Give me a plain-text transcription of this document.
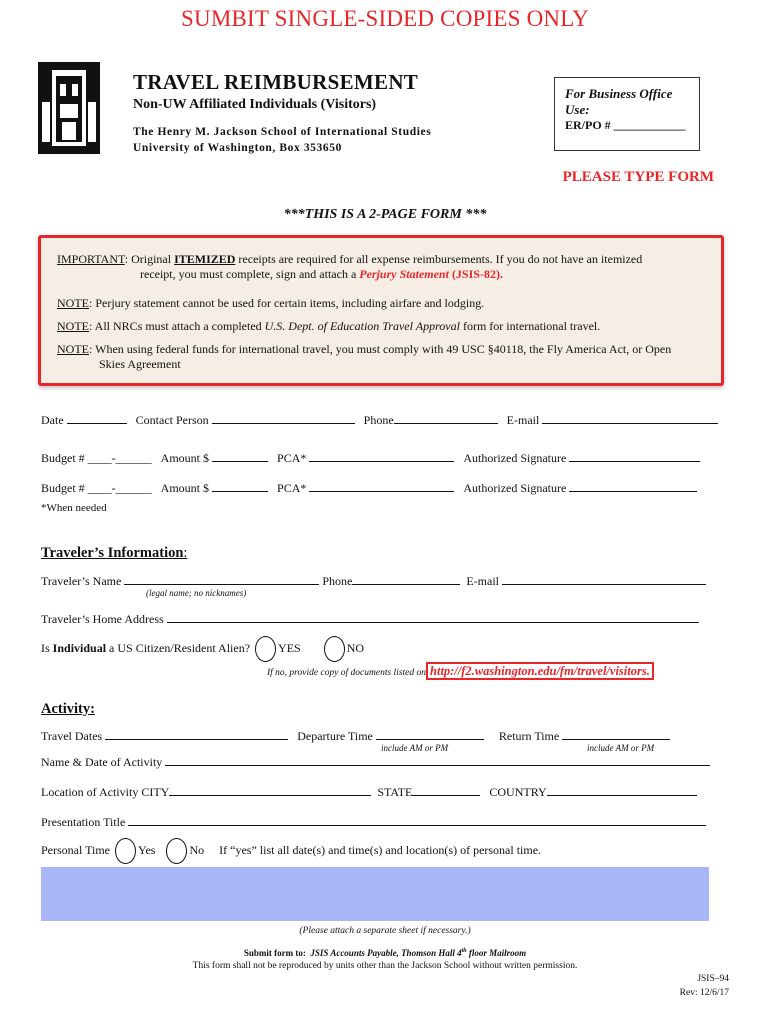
SUMBIT SINGLE-SIDED COPIES ONLY
TRAVEL REIMBURSEMENT
Non-UW Affiliated Individuals (Visitors)
The Henry M. Jackson School of International Studies
University of Washington, Box 353650
For Business Office Use:
ER/PO # ____________
PLEASE TYPE FORM
***THIS IS A 2-PAGE FORM ***
IMPORTANT: Original ITEMIZED receipts are required for all expense reimbursements. If you do not have an itemized
receipt, you must complete, sign and attach a Perjury Statement (JSIS-82).
NOTE: Perjury statement cannot be used for certain items, including airfare and lodging.
NOTE: All NRCs must attach a completed U.S. Dept. of Education Travel Approval form for international travel.
NOTE: When using federal funds for international travel, you must comply with 49 USC §40118, the Fly America Act, or Open
Skies Agreement
Date	Contact Person	Phone	E-mail
Budget # ____-______ Amount $	PCA*	Authorized Signature
Budget # ____-______ Amount $	PCA*	Authorized Signature
*When needed
Traveler’s Information:
Traveler’s Name	Phone	E-mail
(legal name; no nicknames)
Traveler’s Home Address
Is Individual a US Citizen/Resident Alien? YES	NO
If no, provide copy of documents listed on http://f2.washington.edu/fm/travel/visitors.
Activity:
Travel Dates	Departure Time	Return Time
include AM or PM	include AM or PM
Name & Date of Activity
Location of Activity CITY	STATE	COUNTRY
Presentation Title
Personal Time Yes	No If “yes” list all date(s) and time(s) and location(s) of personal time.
(Please attach a separate sheet if necessary.)
Submit form to: JSIS Accounts Payable, Thomson Hall 4th floor Mailroom
This form shall not be reproduced by units other than the Jackson School without written permission.
JSIS–94
Rev: 12/6/17
